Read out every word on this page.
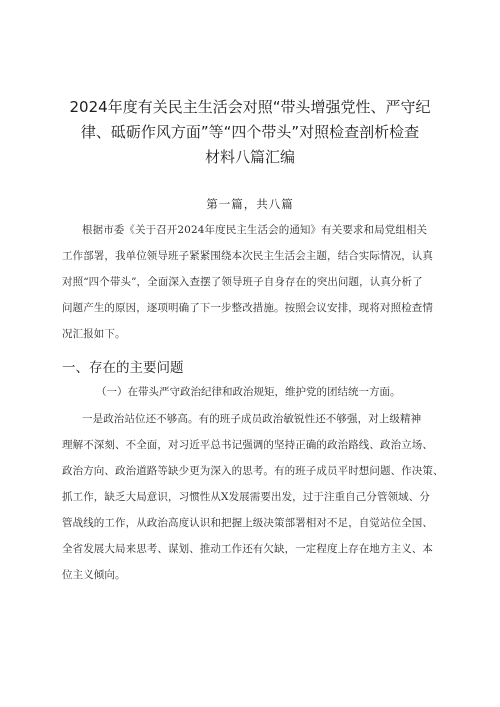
2024年度有关民主生活会对照“带头增强党性、严守纪
律、砥砺作风方面”等“四个带头”对照检查剖析检查
材料八篇汇编
第一篇，共八篇
根据市委《关于召开2024年度民主生活会的通知》有关要求和局党组相关
工作部署，我单位领导班子紧紧围绕本次民主生活会主题，结合实际情况，认真
对照“四个带头”，全面深入查摆了领导班子自身存在的突出问题，认真分析了
问题产生的原因，逐项明确了下一步整改措施。按照会议安排，现将对照检查情
况汇报如下。
一、存在的主要问题
（一）在带头严守政治纪律和政治规矩，维护党的团结统一方面。
一是政治站位还不够高。有的班子成员政治敏锐性还不够强，对上级精神
理解不深刻、不全面，对习近平总书记强调的坚持正确的政治路线、政治立场、
政治方向、政治道路等缺少更为深入的思考。有的班子成员平时想问题、作决策、
抓工作，缺乏大局意识，习惯性从X发展需要出发，过于注重自己分管领域、分
管战线的工作，从政治高度认识和把握上级决策部署相对不足，自觉站位全国、
全省发展大局来思考、谋划、推动工作还有欠缺，一定程度上存在地方主义、本
位主义倾向。
